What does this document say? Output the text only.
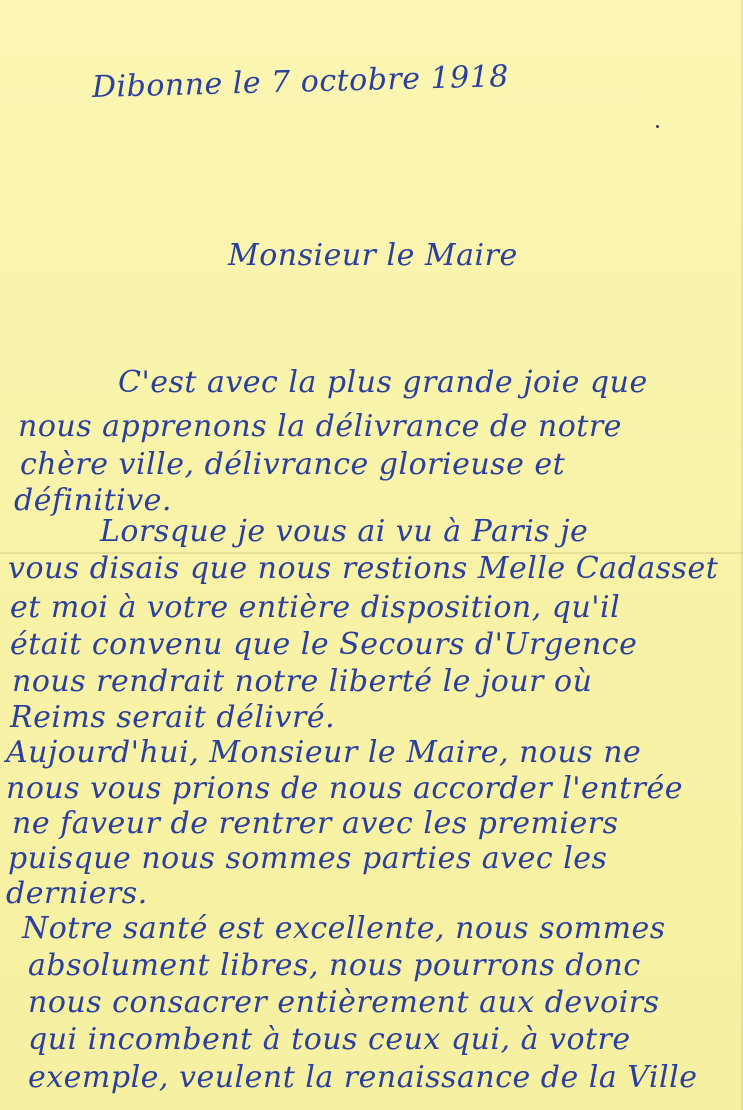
Dibonne le 7 octobre 1918
Monsieur le Maire
C'est avec la plus grande joie que
nous apprenons la délivrance de notre
chère ville, délivrance glorieuse et
définitive.
Lorsque je vous ai vu à Paris je
vous disais que nous restions Melle Cadasset
et moi à votre entière disposition, qu'il
était convenu que le Secours d'Urgence
nous rendrait notre liberté le jour où
Reims serait délivré.
Aujourd'hui, Monsieur le Maire, nous ne
nous vous prions de nous accorder l'entrée
ne faveur de rentrer avec les premiers
puisque nous sommes parties avec les
derniers.
Notre santé est excellente, nous sommes
absolument libres, nous pourrons donc
nous consacrer entièrement aux devoirs
qui incombent à tous ceux qui, à votre
exemple, veulent la renaissance de la Ville
